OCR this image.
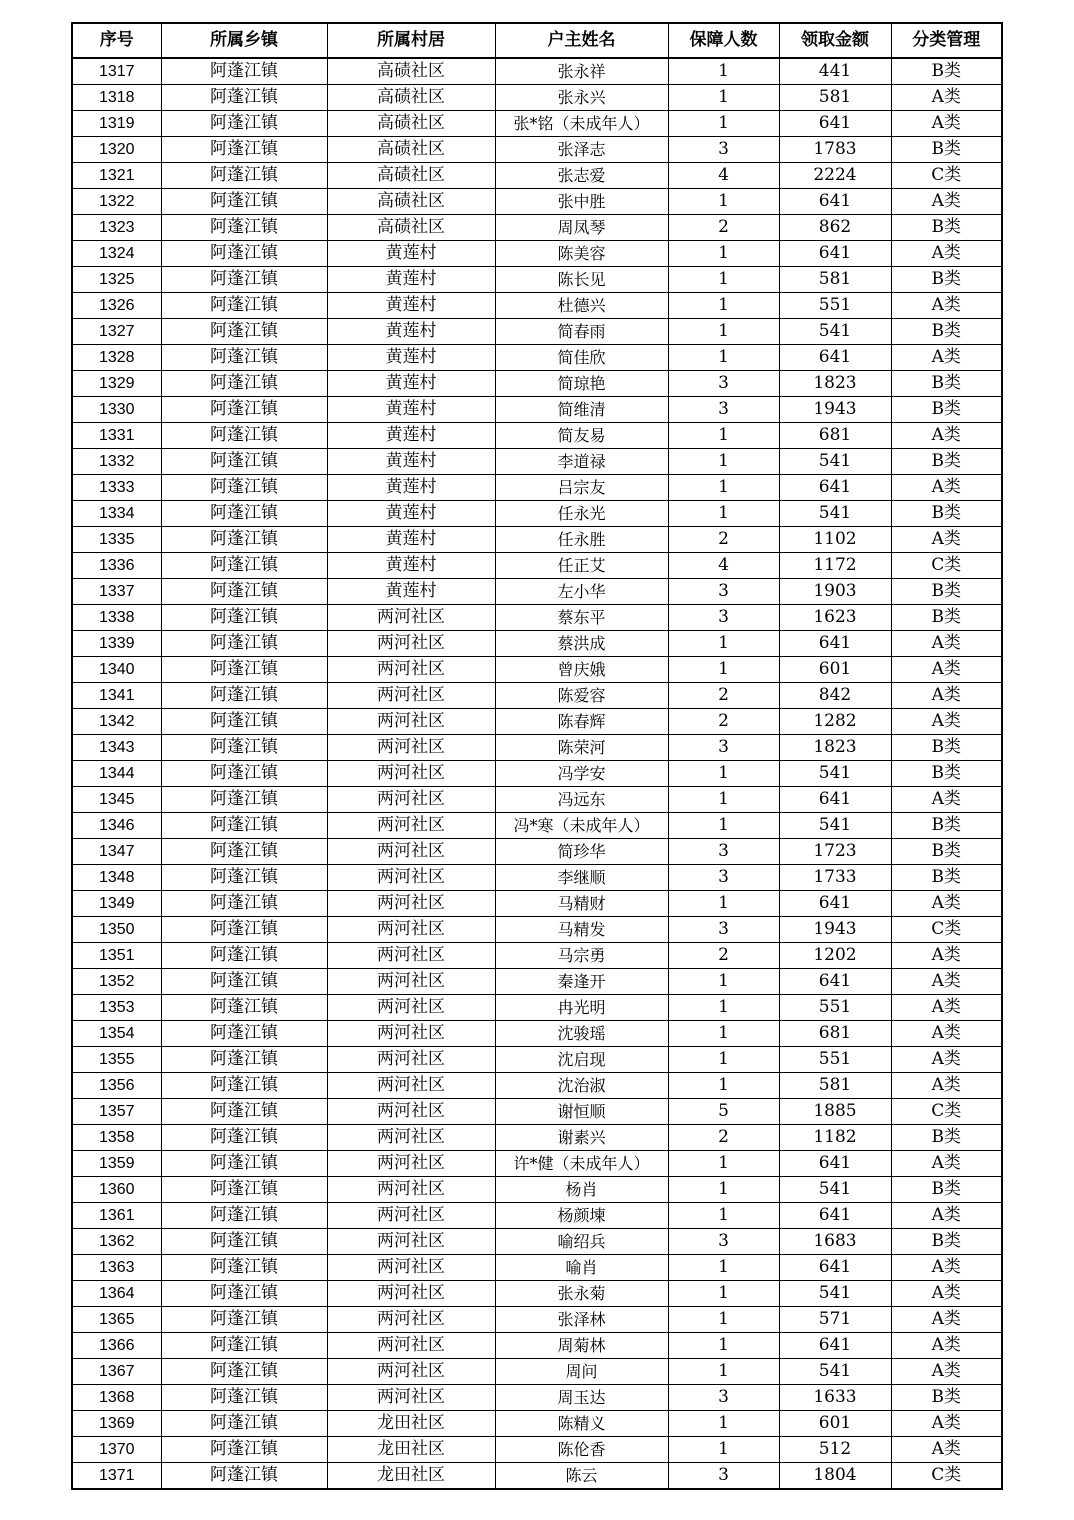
序号	所属乡镇	所属村居	户主姓名	保障人数	领取金额	分类管理
1317	阿蓬江镇	高碛社区	张永祥	1	441	B类
1318	阿蓬江镇	高碛社区	张永兴	1	581	A类
1319	阿蓬江镇	高碛社区	张*铭（未成年人）	1	641	A类
1320	阿蓬江镇	高碛社区	张泽志	3	1783	B类
1321	阿蓬江镇	高碛社区	张志爱	4	2224	C类
1322	阿蓬江镇	高碛社区	张中胜	1	641	A类
1323	阿蓬江镇	高碛社区	周凤琴	2	862	B类
1324	阿蓬江镇	黄莲村	陈美容	1	641	A类
1325	阿蓬江镇	黄莲村	陈长见	1	581	B类
1326	阿蓬江镇	黄莲村	杜德兴	1	551	A类
1327	阿蓬江镇	黄莲村	简春雨	1	541	B类
1328	阿蓬江镇	黄莲村	简佳欣	1	641	A类
1329	阿蓬江镇	黄莲村	简琼艳	3	1823	B类
1330	阿蓬江镇	黄莲村	简维清	3	1943	B类
1331	阿蓬江镇	黄莲村	简友易	1	681	A类
1332	阿蓬江镇	黄莲村	李道禄	1	541	B类
1333	阿蓬江镇	黄莲村	吕宗友	1	641	A类
1334	阿蓬江镇	黄莲村	任永光	1	541	B类
1335	阿蓬江镇	黄莲村	任永胜	2	1102	A类
1336	阿蓬江镇	黄莲村	任正艾	4	1172	C类
1337	阿蓬江镇	黄莲村	左小华	3	1903	B类
1338	阿蓬江镇	两河社区	蔡东平	3	1623	B类
1339	阿蓬江镇	两河社区	蔡洪成	1	641	A类
1340	阿蓬江镇	两河社区	曾庆娥	1	601	A类
1341	阿蓬江镇	两河社区	陈爱容	2	842	A类
1342	阿蓬江镇	两河社区	陈春辉	2	1282	A类
1343	阿蓬江镇	两河社区	陈荣河	3	1823	B类
1344	阿蓬江镇	两河社区	冯学安	1	541	B类
1345	阿蓬江镇	两河社区	冯远东	1	641	A类
1346	阿蓬江镇	两河社区	冯*寒（未成年人）	1	541	B类
1347	阿蓬江镇	两河社区	简珍华	3	1723	B类
1348	阿蓬江镇	两河社区	李继顺	3	1733	B类
1349	阿蓬江镇	两河社区	马精财	1	641	A类
1350	阿蓬江镇	两河社区	马精发	3	1943	C类
1351	阿蓬江镇	两河社区	马宗勇	2	1202	A类
1352	阿蓬江镇	两河社区	秦逢开	1	641	A类
1353	阿蓬江镇	两河社区	冉光明	1	551	A类
1354	阿蓬江镇	两河社区	沈骏瑶	1	681	A类
1355	阿蓬江镇	两河社区	沈启现	1	551	A类
1356	阿蓬江镇	两河社区	沈治淑	1	581	A类
1357	阿蓬江镇	两河社区	谢恒顺	5	1885	C类
1358	阿蓬江镇	两河社区	谢素兴	2	1182	B类
1359	阿蓬江镇	两河社区	许*健（未成年人）	1	641	A类
1360	阿蓬江镇	两河社区	杨肖	1	541	B类
1361	阿蓬江镇	两河社区	杨颜堜	1	641	A类
1362	阿蓬江镇	两河社区	喻绍兵	3	1683	B类
1363	阿蓬江镇	两河社区	喻肖	1	641	A类
1364	阿蓬江镇	两河社区	张永菊	1	541	A类
1365	阿蓬江镇	两河社区	张泽林	1	571	A类
1366	阿蓬江镇	两河社区	周菊林	1	641	A类
1367	阿蓬江镇	两河社区	周问	1	541	A类
1368	阿蓬江镇	两河社区	周玉达	3	1633	B类
1369	阿蓬江镇	龙田社区	陈精义	1	601	A类
1370	阿蓬江镇	龙田社区	陈伦香	1	512	A类
1371	阿蓬江镇	龙田社区	陈云	3	1804	C类
